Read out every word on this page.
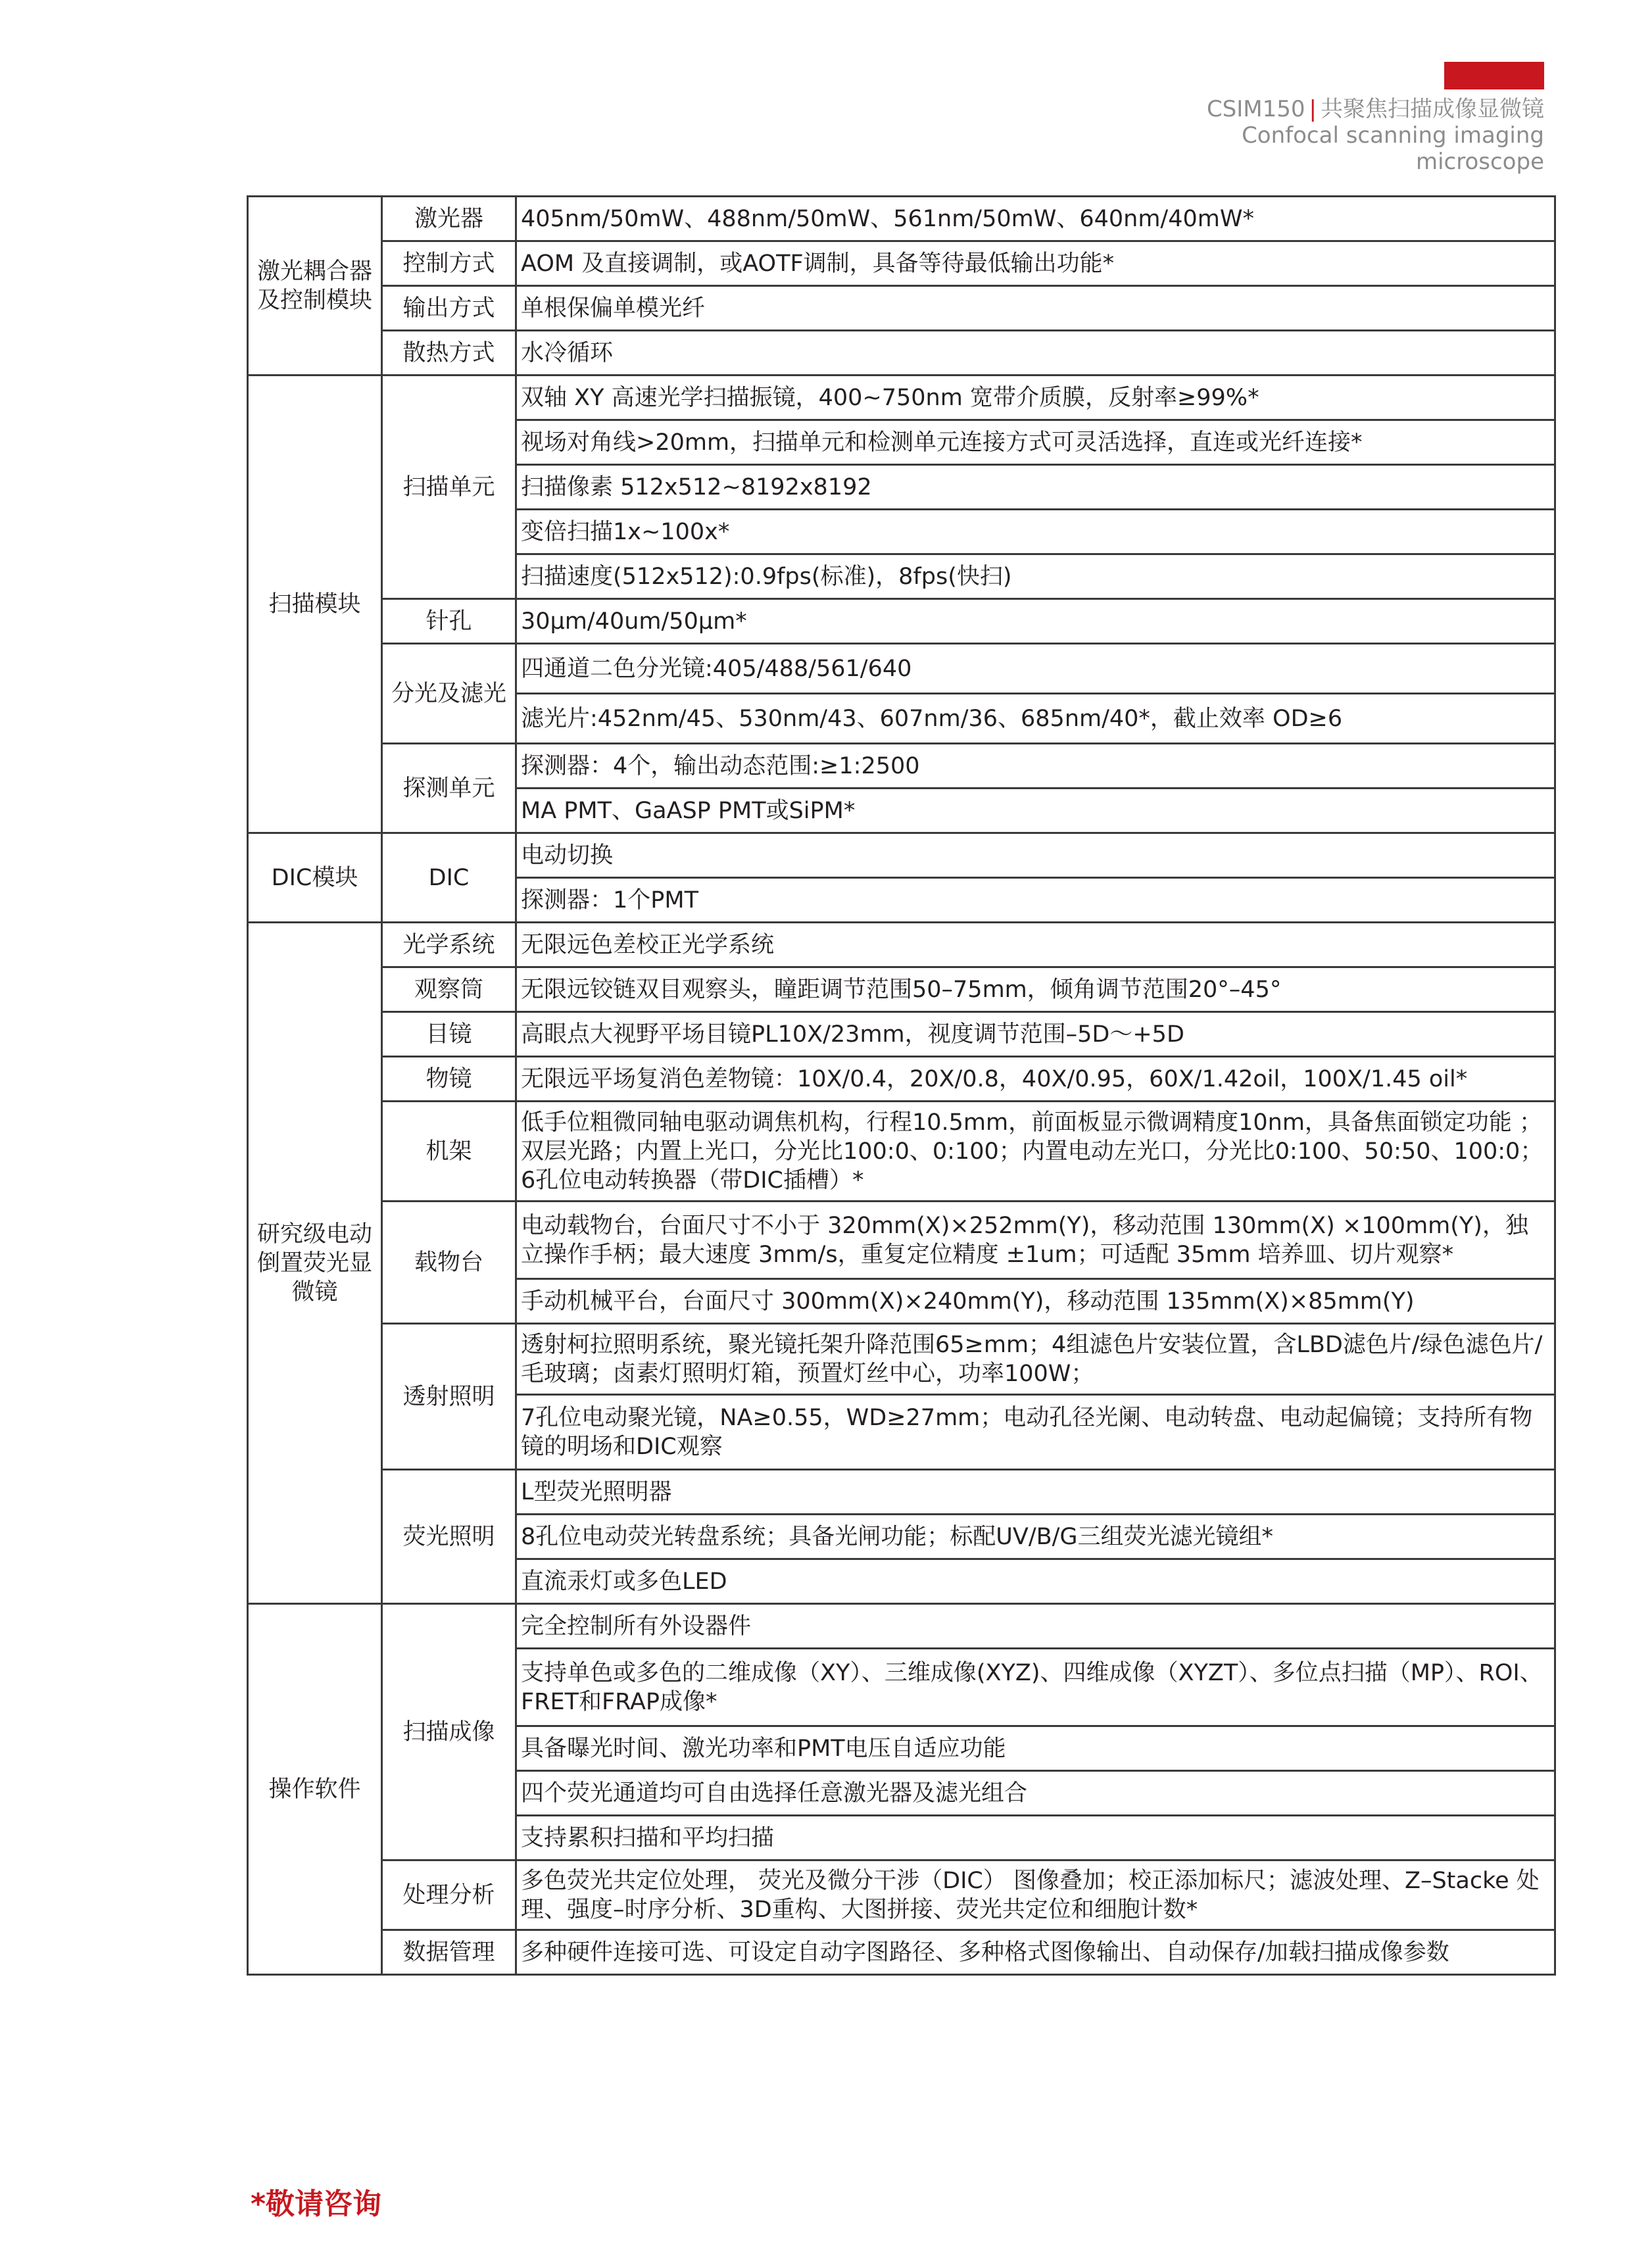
CSIM150 | 共聚焦扫描成像显微镜
Confocal scanning imaging
microscope
激光耦合器及控制模块	激光器	405nm/50mW、488nm/50mW、561nm/50mW、640nm/40mW*
	控制方式	AOM 及直接调制，或AOTF调制，具备等待最低输出功能*
	输出方式	单根保偏单模光纤
	散热方式	水冷循环
扫描模块	扫描单元	双轴 XY 高速光学扫描振镜，400~750nm 宽带介质膜，反射率≥99%*
		视场对角线>20mm，扫描单元和检测单元连接方式可灵活选择，直连或光纤连接*
		扫描像素 512x512~8192x8192
		变倍扫描1x~100x*
		扫描速度(512x512):0.9fps(标准)，8fps(快扫)
	针孔	30μm/40um/50μm*
	分光及滤光	四通道二色分光镜:405/488/561/640
		滤光片:452nm/45、530nm/43、607nm/36、685nm/40*，截止效率 OD≥6
	探测单元	探测器：4个，输出动态范围:≥1:2500
		MA PMT、GaASP PMT或SiPM*
DIC模块	DIC	电动切换
		探测器：1个PMT
研究级电动倒置荧光显微镜	光学系统	无限远色差校正光学系统
	观察筒	无限远铰链双目观察头，瞳距调节范围50–75mm，倾角调节范围20°–45°
	目镜	高眼点大视野平场目镜PL10X/23mm，视度调节范围–5D～+5D
	物镜	无限远平场复消色差物镜：10X/0.4，20X/0.8，40X/0.95，60X/1.42oil，100X/1.45 oil*
	机架	低手位粗微同轴电驱动调焦机构，行程10.5mm，前面板显示微调精度10nm，具备焦面锁定功能 ；双层光路；内置上光口，分光比100:0、0:100；内置电动左光口，分光比0:100、50:50、100:0；6孔位电动转换器（带DIC插槽）*
	载物台	电动载物台，台面尺寸不小于 320mm(X)×252mm(Y)，移动范围 130mm(X) ×100mm(Y)，独立操作手柄；最大速度 3mm/s，重复定位精度 ±1um；可适配 35mm 培养皿、切片观察*
		手动机械平台，台面尺寸 300mm(X)×240mm(Y)，移动范围 135mm(X)×85mm(Y)
	透射照明	透射柯拉照明系统，聚光镜托架升降范围65≥mm；4组滤色片安装位置，含LBD滤色片/绿色滤色片/毛玻璃；卤素灯照明灯箱，预置灯丝中心，功率100W；
		7孔位电动聚光镜，NA≥0.55，WD≥27mm；电动孔径光阑、电动转盘、电动起偏镜；支持所有物镜的明场和DIC观察
	荧光照明	L型荧光照明器
		8孔位电动荧光转盘系统；具备光闸功能；标配UV/B/G三组荧光滤光镜组*
		直流汞灯或多色LED
操作软件	扫描成像	完全控制所有外设器件
		支持单色或多色的二维成像（XY）、三维成像(XYZ)、四维成像（XYZT）、多位点扫描（MP）、ROI、FRET和FRAP成像*
		具备曝光时间、激光功率和PMT电压自适应功能
		四个荧光通道均可自由选择任意激光器及滤光组合
		支持累积扫描和平均扫描
	处理分析	多色荧光共定位处理， 荧光及微分干涉（DIC） 图像叠加；校正添加标尺；滤波处理、Z–Stacke 处理、强度–时序分析、3D重构、大图拼接、荧光共定位和细胞计数*
	数据管理	多种硬件连接可选、可设定自动字图路径、多种格式图像输出、自动保存/加载扫描成像参数
*敬请咨询
